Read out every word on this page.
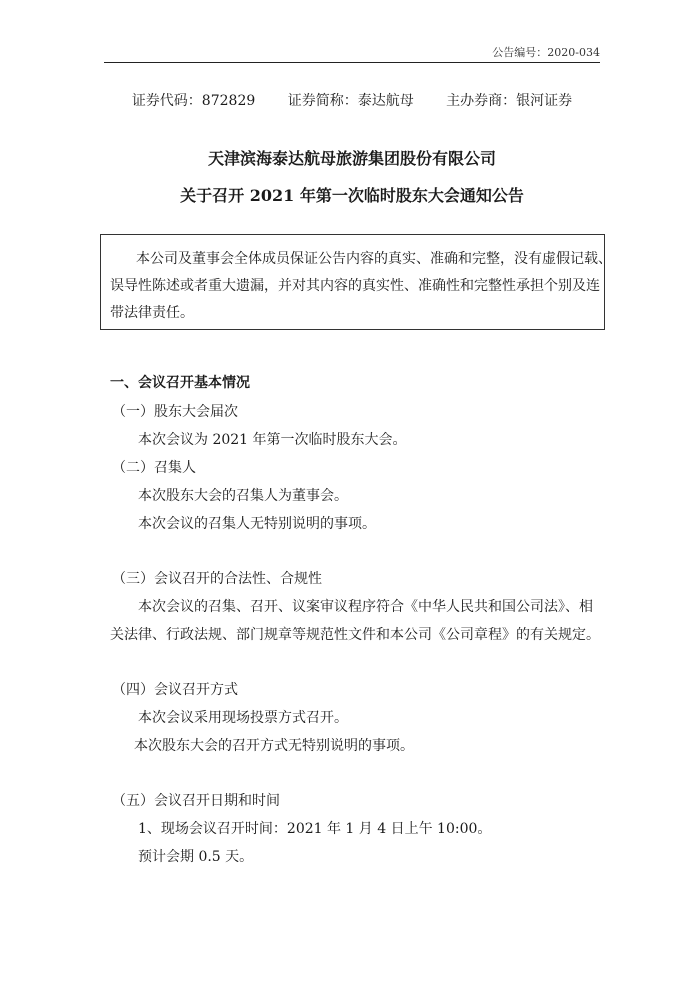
公告编号：2020-034
证券代码：872829 证券简称：泰达航母 主办券商：银河证券
天津滨海泰达航母旅游集团股份有限公司
关于召开 2021 年第一次临时股东大会通知公告
本公司及董事会全体成员保证公告内容的真实、准确和完整，没有虚假记载、
误导性陈述或者重大遗漏，并对其内容的真实性、准确性和完整性承担个别及连
带法律责任。
一、会议召开基本情况
（一）股东大会届次
本次会议为 2021 年第一次临时股东大会。
（二）召集人
本次股东大会的召集人为董事会。
本次会议的召集人无特别说明的事项。
（三）会议召开的合法性、合规性
本次会议的召集、召开、议案审议程序符合《中华人民共和国公司法》、相
关法律、行政法规、部门规章等规范性文件和本公司《公司章程》的有关规定。
（四）会议召开方式
本次会议采用现场投票方式召开。
本次股东大会的召开方式无特别说明的事项。
（五）会议召开日期和时间
1、现场会议召开时间：2021 年 1 月 4 日上午 10:00。
预计会期 0.5 天。
